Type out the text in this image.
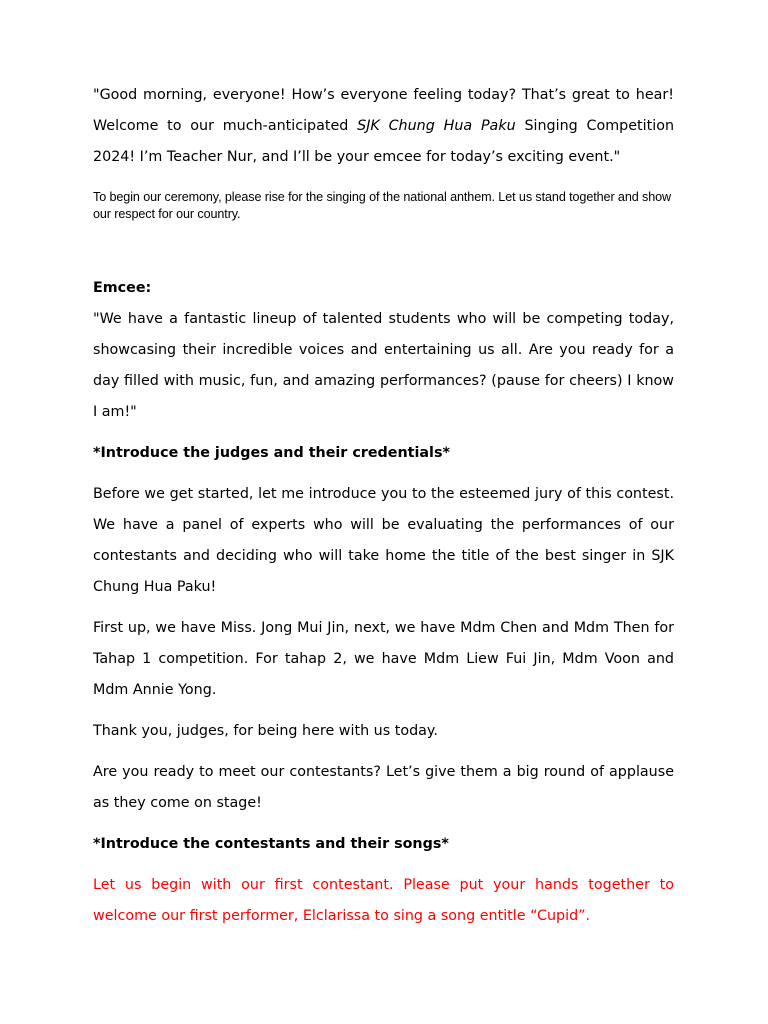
"Good morning, everyone! How’s everyone feeling today? That’s great to hear! Welcome to our much-anticipated SJK Chung Hua Paku Singing Competition 2024! I’m Teacher Nur, and I’ll be your emcee for today’s exciting event."

To begin our ceremony, please rise for the singing of the national anthem. Let us stand together and show our respect for our country.

Emcee:

"We have a fantastic lineup of talented students who will be competing today, showcasing their incredible voices and entertaining us all. Are you ready for a day filled with music, fun, and amazing performances? (pause for cheers) I know I am!"

*Introduce the judges and their credentials*

Before we get started, let me introduce you to the esteemed jury of this contest. We have a panel of experts who will be evaluating the performances of our contestants and deciding who will take home the title of the best singer in SJK Chung Hua Paku!

First up, we have Miss. Jong Mui Jin, next, we have Mdm Chen and Mdm Then for Tahap 1 competition. For tahap 2, we have Mdm Liew Fui Jin, Mdm Voon and Mdm Annie Yong.

Thank you, judges, for being here with us today.

Are you ready to meet our contestants? Let’s give them a big round of applause as they come on stage!

*Introduce the contestants and their songs*

Let us begin with our first contestant. Please put your hands together to welcome our first performer, Elclarissa to sing a song entitle “Cupid”.
